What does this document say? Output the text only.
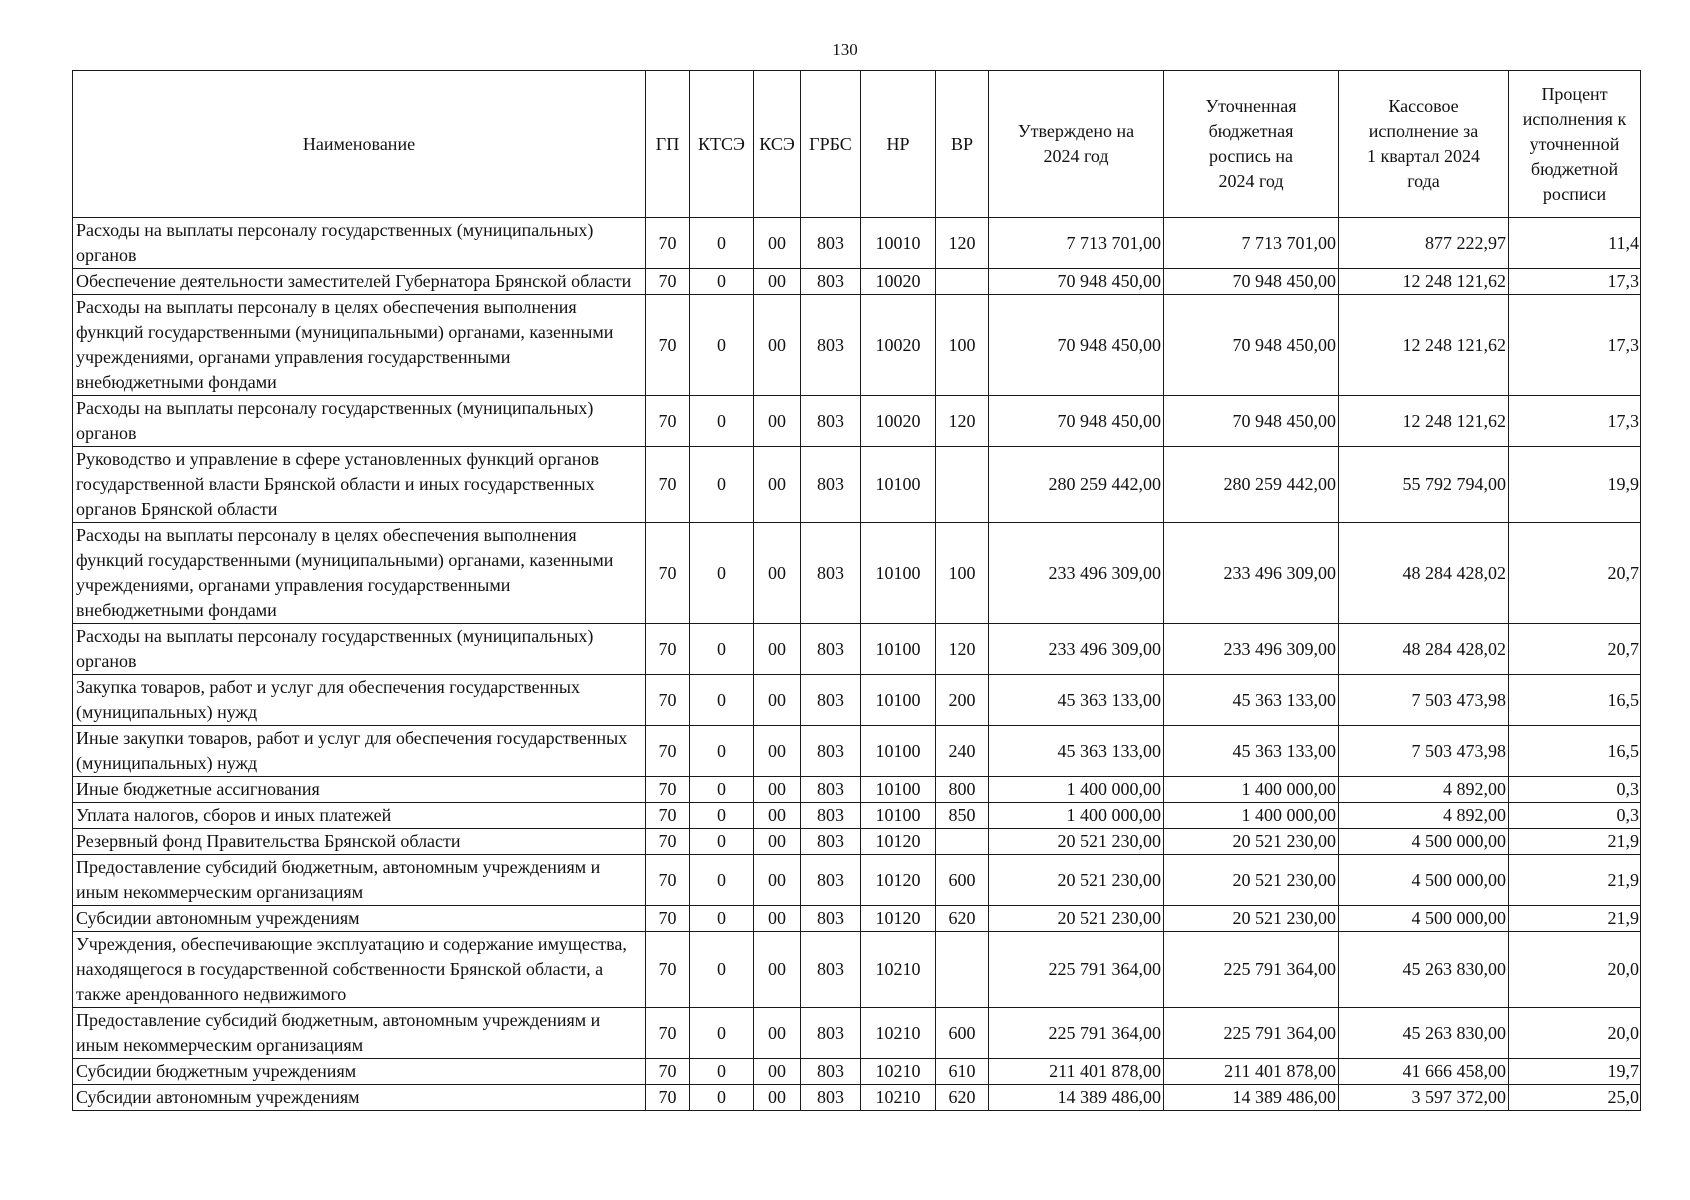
130
Наименование	ГП	КТСЭ	КСЭ	ГРБС	НР	ВР	Утверждено на 2024 год	Уточненная бюджетная роспись на 2024 год	Кассовое исполнение за 1 квартал 2024 года	Процент исполнения к уточненной бюджетной росписи
Расходы на выплаты персоналу государственных (муниципальных) органов	70	0	00	803	10010	120	7 713 701,00	7 713 701,00	877 222,97	11,4
Обеспечение деятельности заместителей Губернатора Брянской области	70	0	00	803	10020		70 948 450,00	70 948 450,00	12 248 121,62	17,3
Расходы на выплаты персоналу в целях обеспечения выполнения функций государственными (муниципальными) органами, казенными учреждениями, органами управления государственными внебюджетными фондами	70	0	00	803	10020	100	70 948 450,00	70 948 450,00	12 248 121,62	17,3
Расходы на выплаты персоналу государственных (муниципальных) органов	70	0	00	803	10020	120	70 948 450,00	70 948 450,00	12 248 121,62	17,3
Руководство и управление в сфере установленных функций органов государственной власти Брянской области и иных государственных органов Брянской области	70	0	00	803	10100		280 259 442,00	280 259 442,00	55 792 794,00	19,9
Расходы на выплаты персоналу в целях обеспечения выполнения функций государственными (муниципальными) органами, казенными учреждениями, органами управления государственными внебюджетными фондами	70	0	00	803	10100	100	233 496 309,00	233 496 309,00	48 284 428,02	20,7
Расходы на выплаты персоналу государственных (муниципальных) органов	70	0	00	803	10100	120	233 496 309,00	233 496 309,00	48 284 428,02	20,7
Закупка товаров, работ и услуг для обеспечения государственных (муниципальных) нужд	70	0	00	803	10100	200	45 363 133,00	45 363 133,00	7 503 473,98	16,5
Иные закупки товаров, работ и услуг для обеспечения государственных (муниципальных) нужд	70	0	00	803	10100	240	45 363 133,00	45 363 133,00	7 503 473,98	16,5
Иные бюджетные ассигнования	70	0	00	803	10100	800	1 400 000,00	1 400 000,00	4 892,00	0,3
Уплата налогов, сборов и иных платежей	70	0	00	803	10100	850	1 400 000,00	1 400 000,00	4 892,00	0,3
Резервный фонд Правительства Брянской области	70	0	00	803	10120		20 521 230,00	20 521 230,00	4 500 000,00	21,9
Предоставление субсидий бюджетным, автономным учреждениям и иным некоммерческим организациям	70	0	00	803	10120	600	20 521 230,00	20 521 230,00	4 500 000,00	21,9
Субсидии автономным учреждениям	70	0	00	803	10120	620	20 521 230,00	20 521 230,00	4 500 000,00	21,9
Учреждения, обеспечивающие эксплуатацию и содержание имущества, находящегося в государственной собственности Брянской области, а также арендованного недвижимого	70	0	00	803	10210		225 791 364,00	225 791 364,00	45 263 830,00	20,0
Предоставление субсидий бюджетным, автономным учреждениям и иным некоммерческим организациям	70	0	00	803	10210	600	225 791 364,00	225 791 364,00	45 263 830,00	20,0
Субсидии бюджетным учреждениям	70	0	00	803	10210	610	211 401 878,00	211 401 878,00	41 666 458,00	19,7
Субсидии автономным учреждениям	70	0	00	803	10210	620	14 389 486,00	14 389 486,00	3 597 372,00	25,0
